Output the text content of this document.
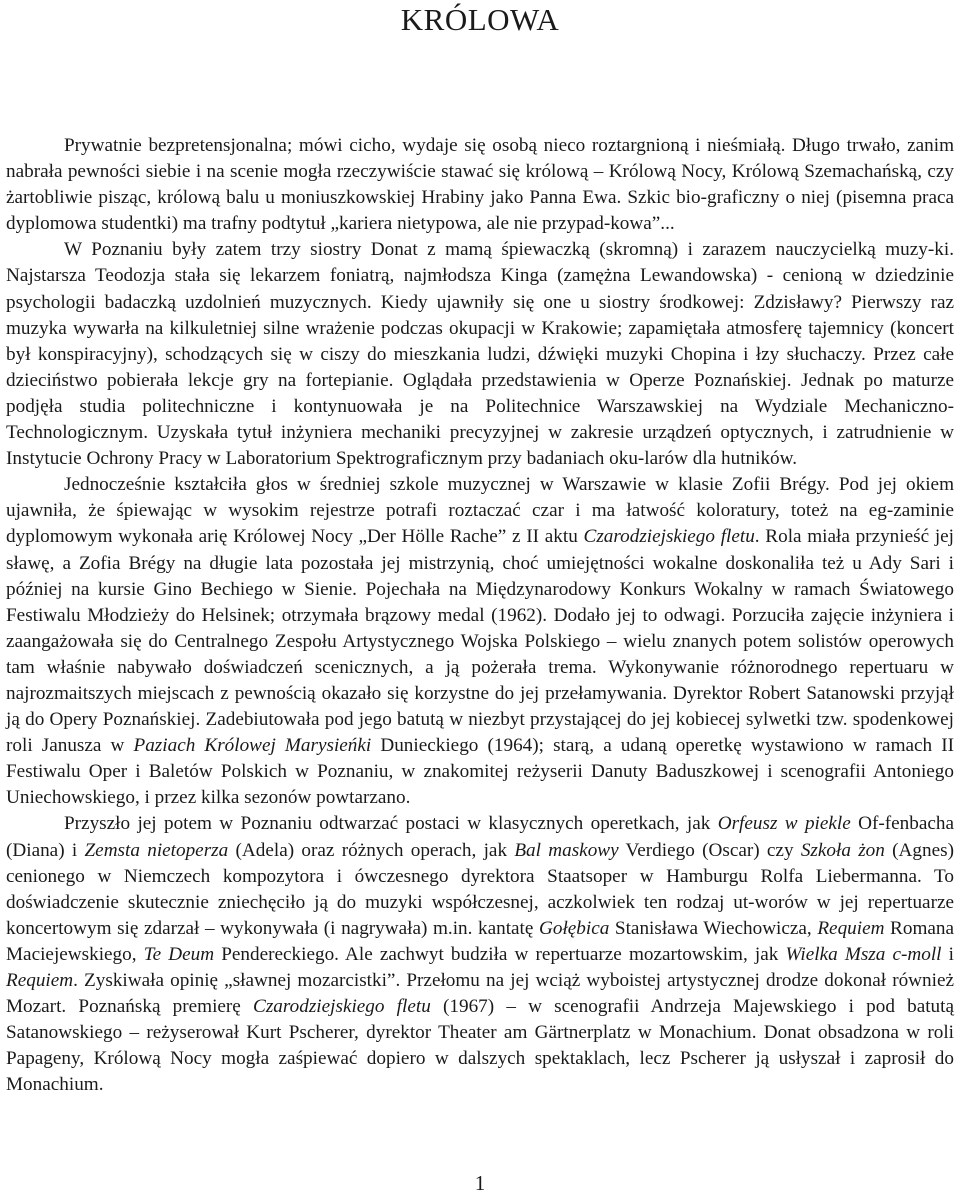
KRÓLOWA

Prywatnie bezpretensjonalna; mówi cicho, wydaje się osobą nieco roztargnioną i nieśmiałą. Długo trwało, zanim nabrała pewności siebie i na scenie mogła rzeczywiście stawać się królową – Królową Nocy, Królową Szemachańską, czy żartobliwie pisząc, królową balu u moniuszkowskiej Hrabiny jako Panna Ewa. Szkic bio-graficzny o niej (pisemna praca dyplomowa studentki) ma trafny podtytuł „kariera nietypowa, ale nie przypad-kowa”...

W Poznaniu były zatem trzy siostry Donat z mamą śpiewaczką (skromną) i zarazem nauczycielką muzy-ki. Najstarsza Teodozja stała się lekarzem foniatrą, najmłodsza Kinga (zamężna Lewandowska) - cenioną w dziedzinie psychologii badaczką uzdolnień muzycznych. Kiedy ujawniły się one u siostry środkowej: Zdzisławy? Pierwszy raz muzyka wywarła na kilkuletniej silne wrażenie podczas okupacji w Krakowie; zapamiętała atmosferę tajemnicy (koncert był konspiracyjny), schodzących się w ciszy do mieszkania ludzi, dźwięki muzyki Chopina i łzy słuchaczy. Przez całe dzieciństwo pobierała lekcje gry na fortepianie. Oglądała przedstawienia w Operze Poznańskiej. Jednak po maturze podjęła studia politechniczne i kontynuowała je na Politechnice Warszawskiej na Wydziale Mechaniczno-Technologicznym. Uzyskała tytuł inżyniera mechaniki precyzyjnej w zakresie urządzeń optycznych, i zatrudnienie w Instytucie Ochrony Pracy w Laboratorium Spektrograficznym przy badaniach oku-larów dla hutników.

Jednocześnie kształciła głos w średniej szkole muzycznej w Warszawie w klasie Zofii Brégy. Pod jej okiem ujawniła, że śpiewając w wysokim rejestrze potrafi roztaczać czar i ma łatwość koloratury, toteż na eg-zaminie dyplomowym wykonała arię Królowej Nocy „Der Hölle Rache” z II aktu Czarodziejskiego fletu. Rola miała przynieść jej sławę, a Zofia Brégy na długie lata pozostała jej mistrzynią, choć umiejętności wokalne doskonaliła też u Ady Sari i później na kursie Gino Bechiego w Sienie. Pojechała na Międzynarodowy Konkurs Wokalny w ramach Światowego Festiwalu Młodzieży do Helsinek; otrzymała brązowy medal (1962). Dodało jej to odwagi. Porzuciła zajęcie inżyniera i zaangażowała się do Centralnego Zespołu Artystycznego Wojska Polskiego – wielu znanych potem solistów operowych tam właśnie nabywało doświadczeń scenicznych, a ją pożerała trema. Wykonywanie różnorodnego repertuaru w najrozmaitszych miejscach z pewnością okazało się korzystne do jej przełamywania. Dyrektor Robert Satanowski przyjął ją do Opery Poznańskiej. Zadebiutowała pod jego batutą w niezbyt przystającej do jej kobiecej sylwetki tzw. spodenkowej roli Janusza w Paziach Królowej Marysieńki Dunieckiego (1964); starą, a udaną operetkę wystawiono w ramach II Festiwalu Oper i Baletów Polskich w Poznaniu, w znakomitej reżyserii Danuty Baduszkowej i scenografii Antoniego Uniechowskiego, i przez kilka sezonów powtarzano.

Przyszło jej potem w Poznaniu odtwarzać postaci w klasycznych operetkach, jak Orfeusz w piekle Of-fenbacha (Diana) i Zemsta nietoperza (Adela) oraz różnych operach, jak Bal maskowy Verdiego (Oscar) czy Szkoła żon (Agnes) cenionego w Niemczech kompozytora i ówczesnego dyrektora Staatsoper w Hamburgu Rolfa Liebermanna. To doświadczenie skutecznie zniechęciło ją do muzyki współczesnej, aczkolwiek ten rodzaj ut-worów w jej repertuarze koncertowym się zdarzał – wykonywała (i nagrywała) m.in. kantatę Gołębica Stanisława Wiechowicza, Requiem Romana Maciejewskiego, Te Deum Pendereckiego. Ale zachwyt budziła w repertuarze mozartowskim, jak Wielka Msza c-moll i Requiem. Zyskiwała opinię „sławnej mozarcistki”. Przełomu na jej wciąż wyboistej artystycznej drodze dokonał również Mozart. Poznańską premierę Czarodziejskiego fletu (1967) – w scenografii Andrzeja Majewskiego i pod batutą Satanowskiego – reżyserował Kurt Pscherer, dyrektor Theater am Gärtnerplatz w Monachium. Donat obsadzona w roli Papageny, Królową Nocy mogła zaśpiewać dopiero w dalszych spektaklach, lecz Pscherer ją usłyszał i zaprosił do Monachium.

1
